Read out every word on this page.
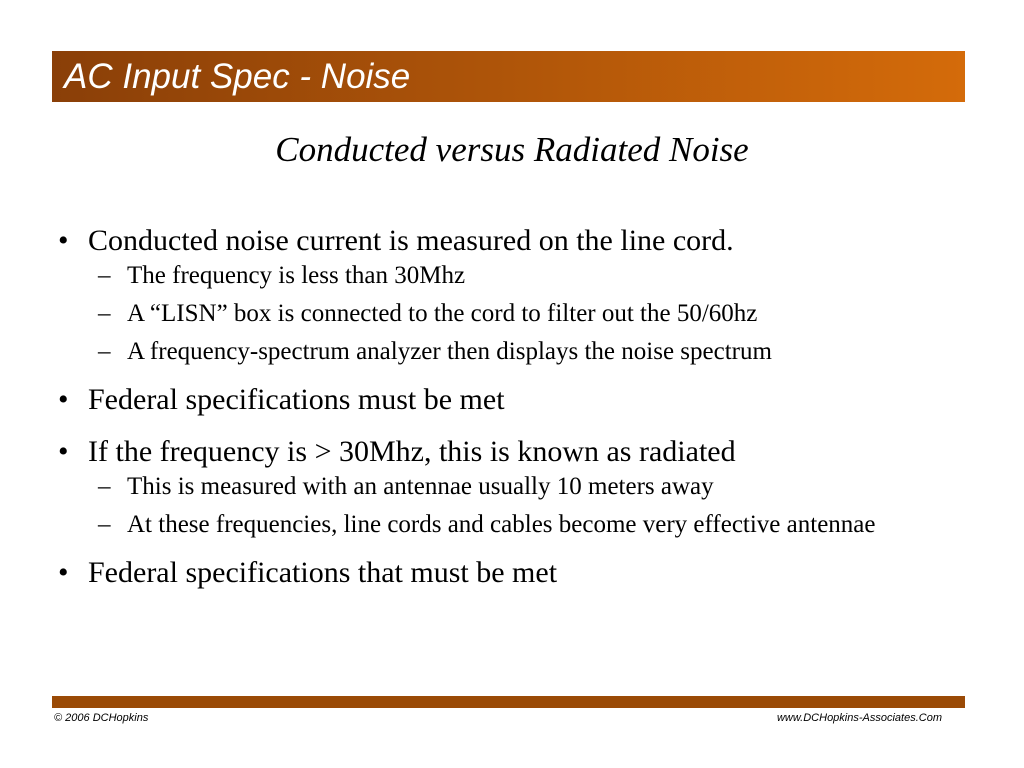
AC Input Spec - Noise
Conducted versus Radiated Noise
• Conducted noise current is measured on the line cord.
– The frequency is less than 30Mhz
– A “LISN” box is connected to the cord to filter out the 50/60hz
– A frequency-spectrum analyzer then displays the noise spectrum
• Federal specifications must be met
• If the frequency is > 30Mhz, this is known as radiated
– This is measured with an antennae usually 10 meters away
– At these frequencies, line cords and cables become very effective antennae
• Federal specifications that must be met
© 2006 DCHopkins	www.DCHopkins-Associates.Com
